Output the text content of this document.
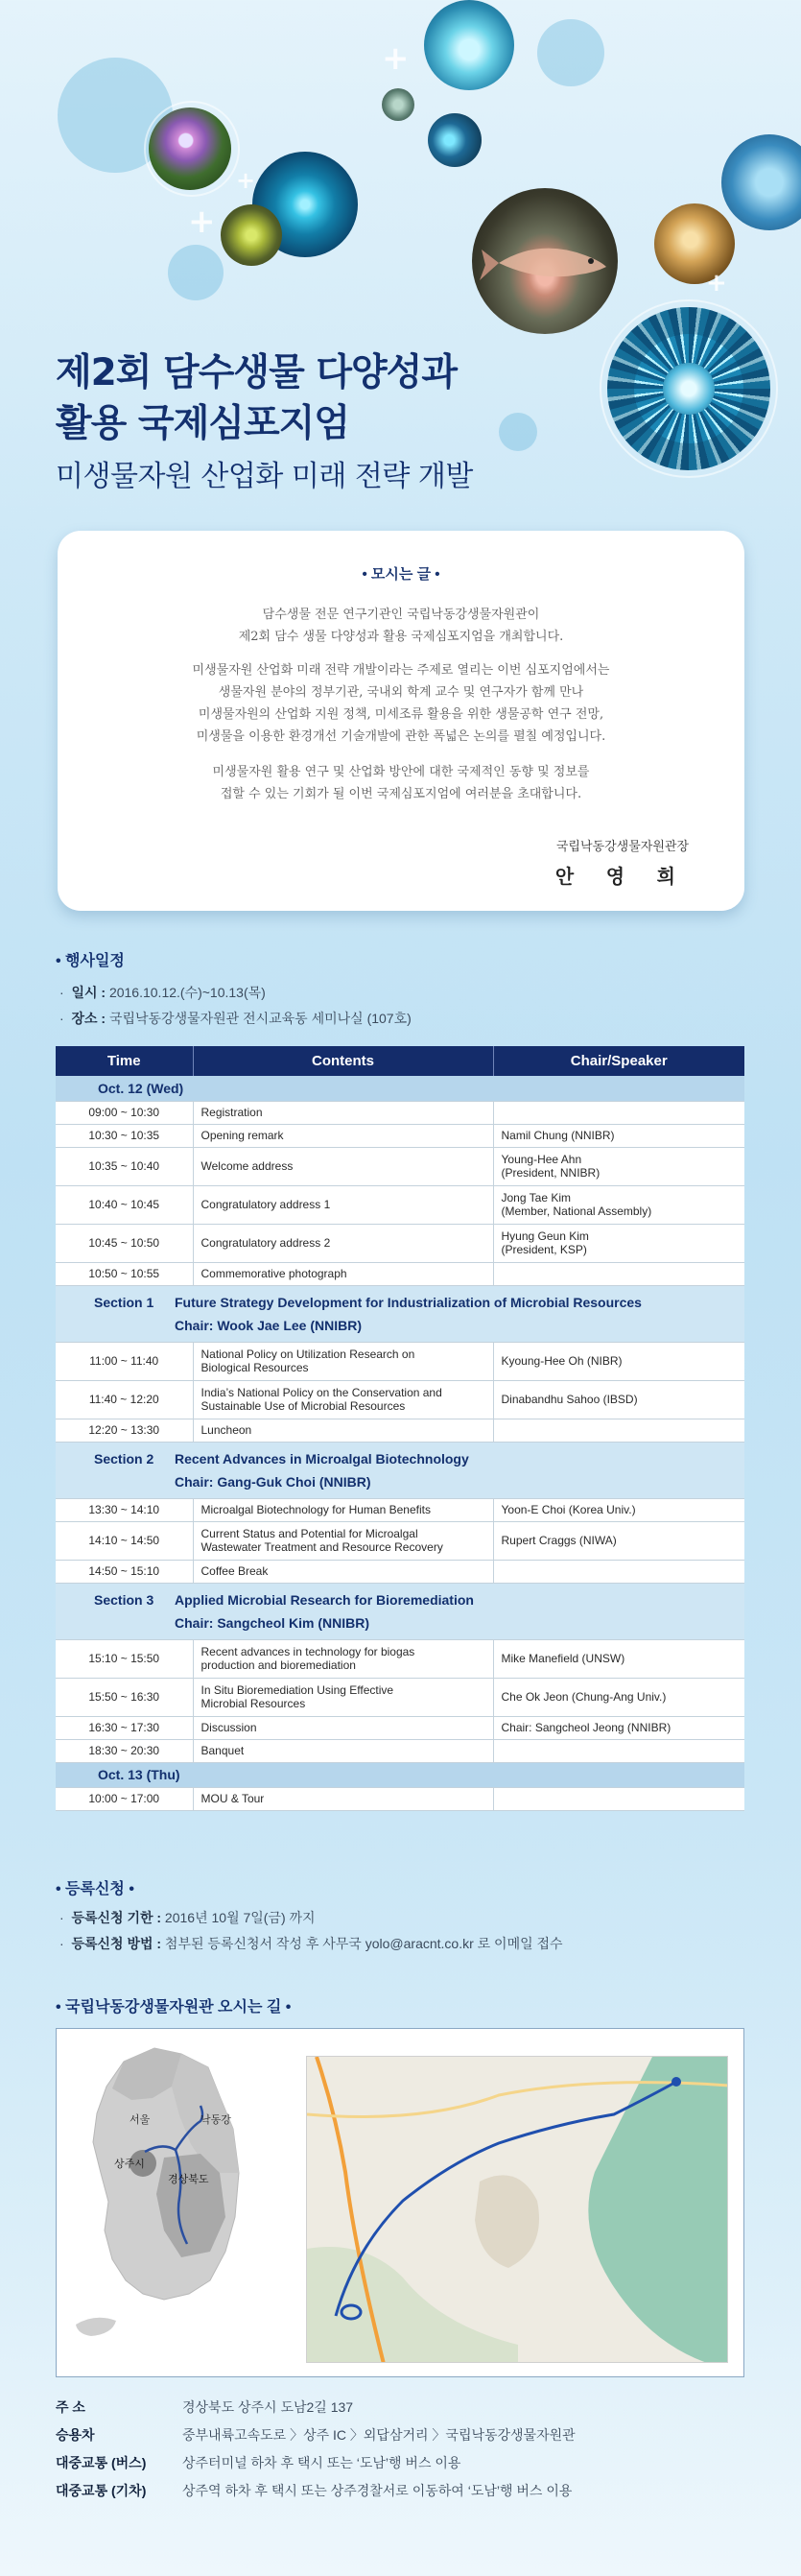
+
+
+
+
제2회 담수생물 다양성과
활용 국제심포지엄
미생물자원 산업화 미래 전략 개발
• 모시는 글 •
담수생물 전문 연구기관인 국립낙동강생물자원관이
제2회 담수 생물 다양성과 활용 국제심포지엄을 개최합니다.
미생물자원 산업화 미래 전략 개발이라는 주제로 열리는 이번 심포지엄에서는
생물자원 분야의 정부기관, 국내외 학계 교수 및 연구자가 함께 만나
미생물자원의 산업화 지원 정책, 미세조류 활용을 위한 생물공학 연구 전망,
미생물을 이용한 환경개선 기술개발에 관한 폭넓은 논의를 펼칠 예정입니다.
미생물자원 활용 연구 및 산업화 방안에 대한 국제적인 동향 및 정보를
접할 수 있는 기회가 될 이번 국제심포지엄에 여러분을 초대합니다.
국립낙동강생물자원관장
안 영 희
• 행사일정
·  일시 : 2016.10.12.(수)~10.13(목)
·  장소 : 국립낙동강생물자원관 전시교육동 세미나실 (107호)
Time	Contents	Chair/Speaker
Oct. 12 (Wed)		
09:00 ~ 10:30	Registration	
10:30 ~ 10:35	Opening remark	Namil Chung (NNIBR)
10:35 ~ 10:40	Welcome address	Young-Hee Ahn
(President, NNIBR)
10:40 ~ 10:45	Congratulatory address 1	Jong Tae Kim
(Member, National Assembly)
10:45 ~ 10:50	Congratulatory address 2	Hyung Geun Kim
(President, KSP)
10:50 ~ 10:55	Commemorative photograph	

Section 1 Future Strategy Development for Industrialization of Microbial Resources
Chair: Wook Jae Lee (NNIBR)		

11:00 ~ 11:40	National Policy on Utilization Research on
Biological Resources	Kyoung-Hee Oh (NIBR)
11:40 ~ 12:20	India’s National Policy on the Conservation and
Sustainable Use of Microbial Resources	Dinabandhu Sahoo (IBSD)
12:20 ~ 13:30	Luncheon	

Section 2 Recent Advances in Microalgal Biotechnology
Chair: Gang-Guk Choi (NNIBR)		

13:30 ~ 14:10	Microalgal Biotechnology for Human Benefits	Yoon-E Choi (Korea Univ.)
14:10 ~ 14:50	Current Status and Potential for Microalgal
Wastewater Treatment and Resource Recovery	Rupert Craggs (NIWA)
14:50 ~ 15:10	Coffee Break	

Section 3 Applied Microbial Research for Bioremediation
Chair: Sangcheol Kim (NNIBR)		

15:10 ~ 15:50	Recent advances in technology for biogas
production and bioremediation	Mike Manefield (UNSW)
15:50 ~ 16:30	In Situ Bioremediation Using Effective
Microbial Resources	Che Ok Jeon (Chung-Ang Univ.)
16:30 ~ 17:30	Discussion	Chair: Sangcheol Jeong (NNIBR)
18:30 ~ 20:30	Banquet	
Oct. 13 (Thu)		
10:00 ~ 17:00	MOU & Tour	
• 등록신청 •
·  등록신청 기한 : 2016년 10월 7일(금) 까지
·  등록신청 방법 : 첨부된 등록신청서 작성 후 사무국 yolo@aracnt.co.kr 로 이메일 접수
• 국립낙동강생물자원관 오시는 길 •
서울	낙동강
상주시
경상북도
주 소	경상북도 상주시 도남2길 137
승용차	중부내륙고속도로 〉상주 IC 〉외답삼거리 〉국립낙동강생물자원관
대중교통 (버스)	상주터미널 하차 후 택시 또는 ‘도남’행 버스 이용
대중교통 (기차)	상주역 하차 후 택시 또는 상주경찰서로 이동하여 ‘도남’행 버스 이용
